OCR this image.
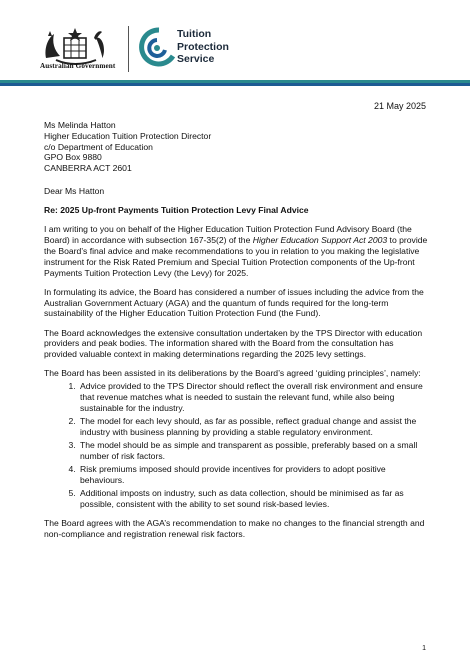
Australian Government
Tuition
Protection
Service
21 May 2025

Ms Melinda Hatton
Higher Education Tuition Protection Director
c/o Department of Education
GPO Box 9880
CANBERRA ACT 2601

Dear Ms Hatton

Re: 2025 Up-front Payments Tuition Protection Levy Final Advice

I am writing to you on behalf of the Higher Education Tuition Protection Fund Advisory Board (the Board) in accordance with subsection 167-35(2) of the Higher Education Support Act 2003 to provide the Board’s final advice and make recommendations to you in relation to you making the legislative instrument for the Risk Rated Premium and Special Tuition Protection components of the Up-front Payments Tuition Protection Levy (the Levy) for 2025.

In formulating its advice, the Board has considered a number of issues including the advice from the Australian Government Actuary (AGA) and the quantum of funds required for the long-term sustainability of the Higher Education Tuition Protection Fund (the Fund).

The Board acknowledges the extensive consultation undertaken by the TPS Director with education providers and peak bodies. The information shared with the Board from the consultation has provided valuable context in making determinations regarding the 2025 levy settings.

The Board has been assisted in its deliberations by the Board’s agreed ‘guiding principles’, namely:

1. Advice provided to the TPS Director should reflect the overall risk environment and ensure that revenue matches what is needed to sustain the relevant fund, while also being sustainable for the industry.
2. The model for each levy should, as far as possible, reflect gradual change and assist the industry with business planning by providing a stable regulatory environment.
3. The model should be as simple and transparent as possible, preferably based on a small number of risk factors.
4. Risk premiums imposed should provide incentives for providers to adopt positive behaviours.
5. Additional imposts on industry, such as data collection, should be minimised as far as possible, consistent with the ability to set sound risk-based levies.

The Board agrees with the AGA’s recommendation to make no changes to the financial strength and non-compliance and registration renewal risk factors.

1
